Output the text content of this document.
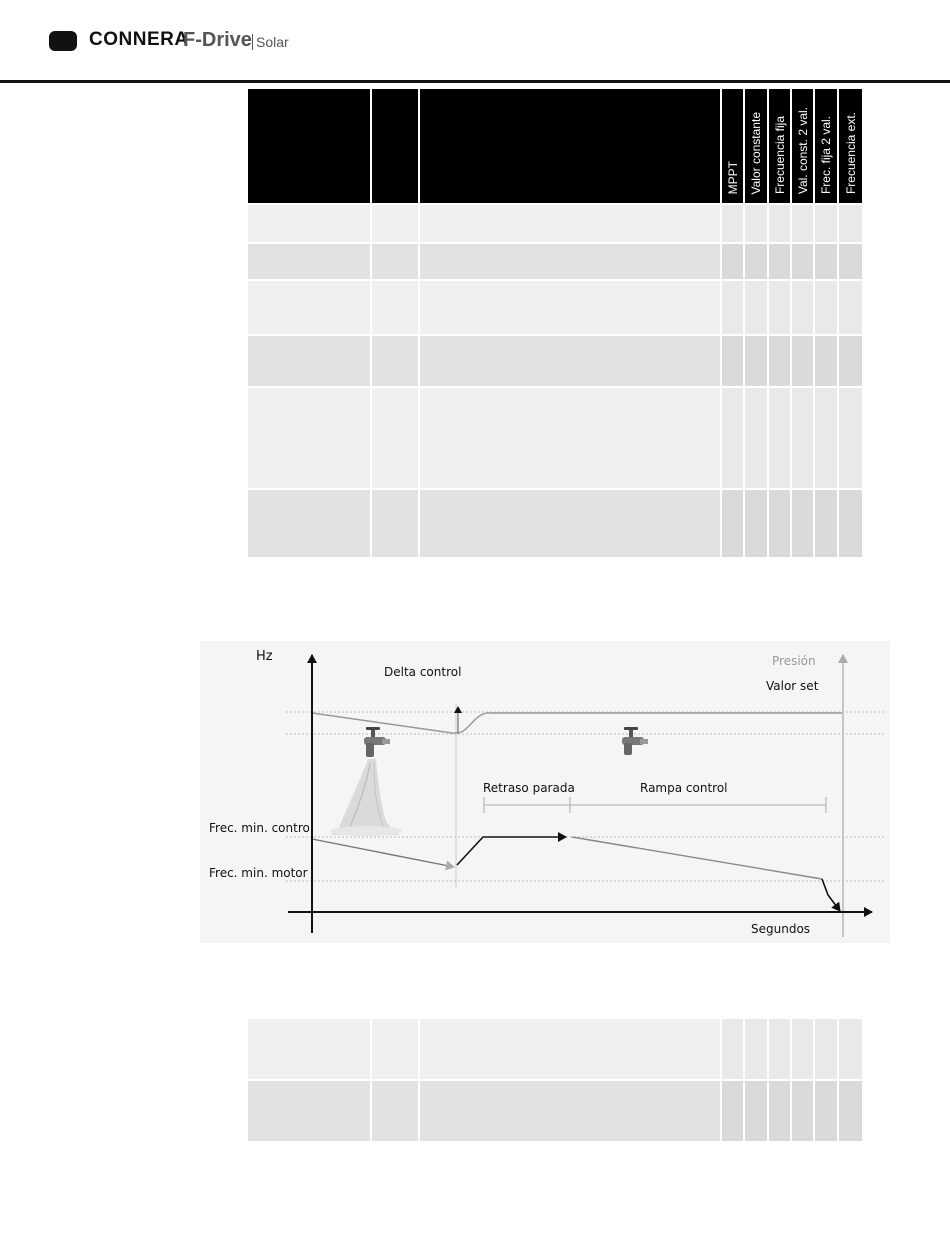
CONNERA
F-Drive Solar
			MPPT	Valor constante	Frecuencia fija	Val. const. 2 val.	Frec. fija 2 val.	Frecuencia ext.

Hz
Delta control
Presión
Valor set
Retraso parada	Rampa control
Frec. min. control
Frec. min. motor
Segundos
